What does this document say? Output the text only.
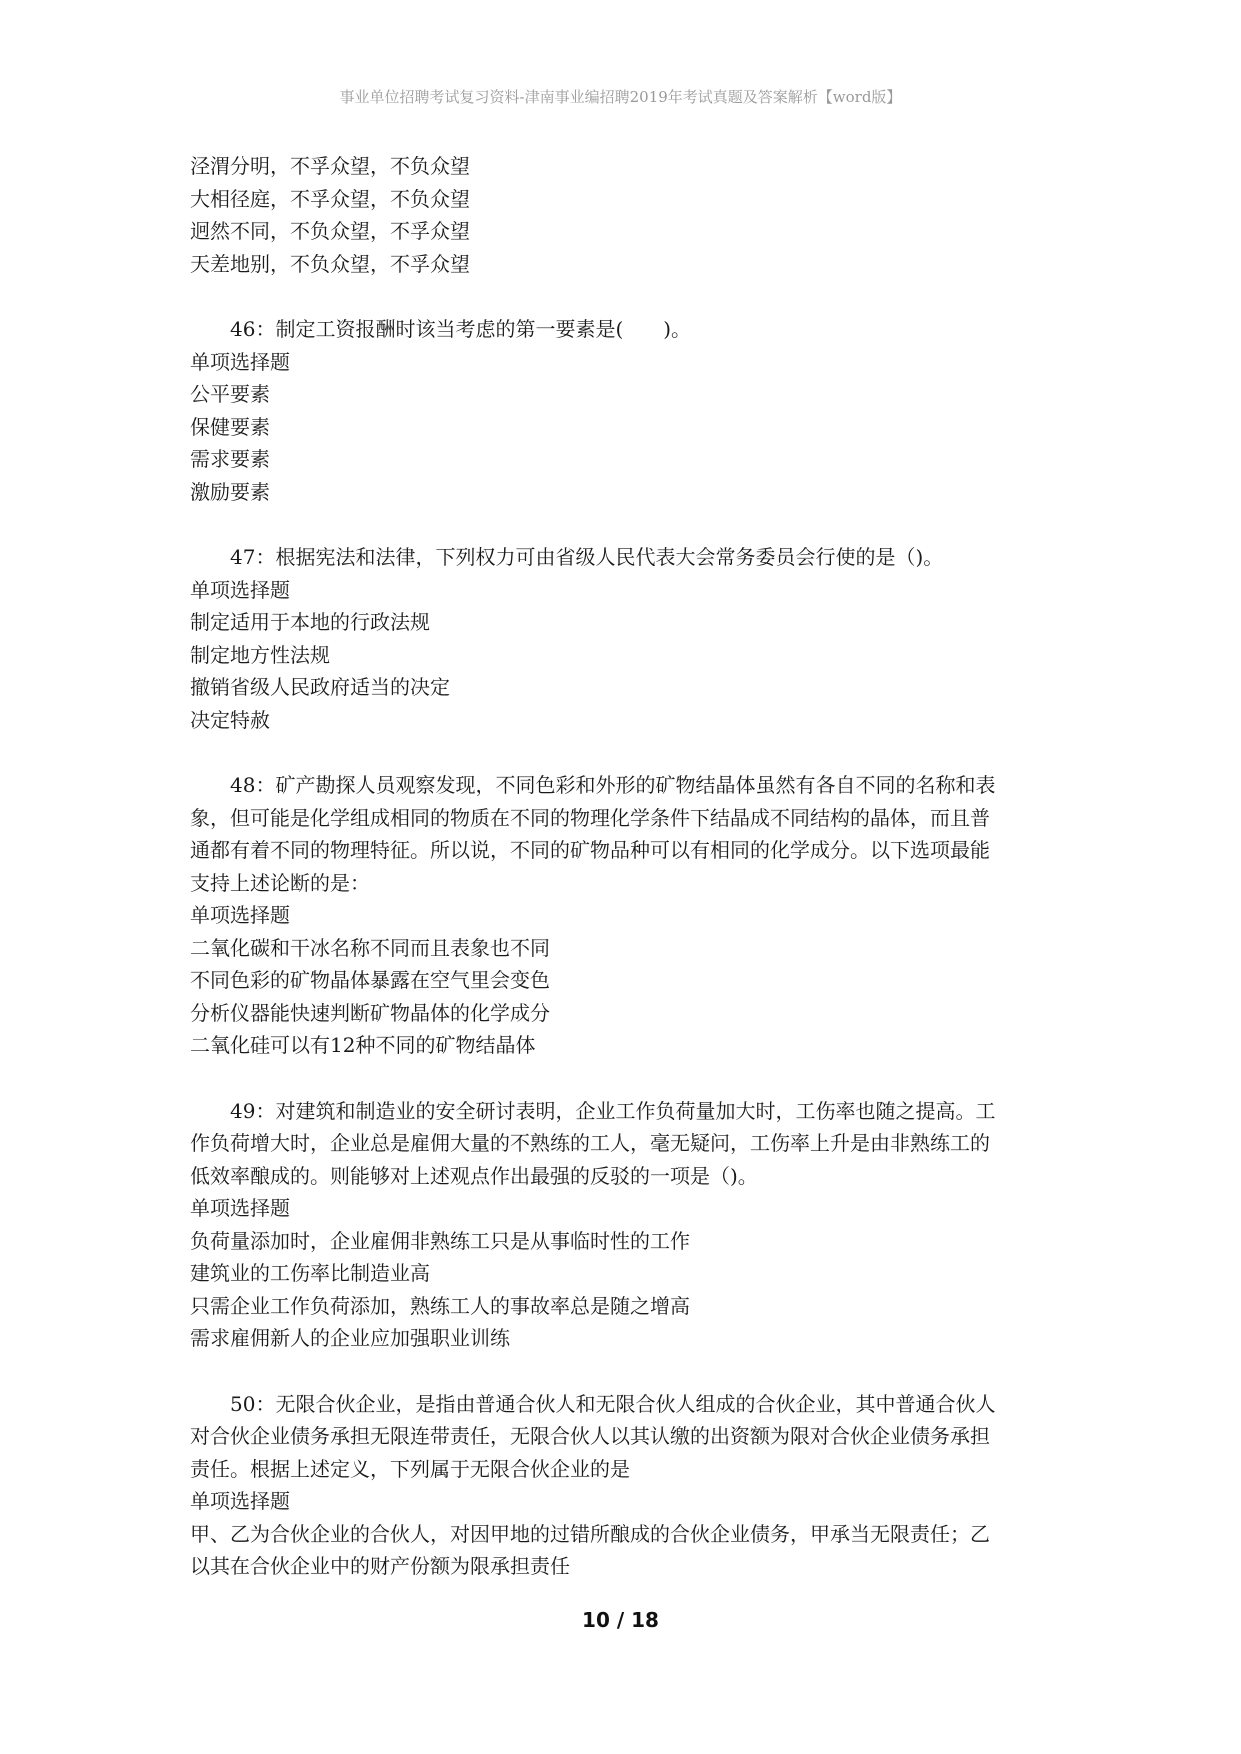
事业单位招聘考试复习资料-津南事业编招聘2019年考试真题及答案解析【word版】
泾渭分明，不孚众望，不负众望
大相径庭，不孚众望，不负众望
迥然不同，不负众望，不孚众望
天差地别，不负众望，不孚众望
46：制定工资报酬时该当考虑的第一要素是(　　)。
单项选择题
公平要素
保健要素
需求要素
激励要素
47：根据宪法和法律，下列权力可由省级人民代表大会常务委员会行使的是（)。
单项选择题
制定适用于本地的行政法规
制定地方性法规
撤销省级人民政府适当的决定
决定特赦
48：矿产勘探人员观察发现，不同色彩和外形的矿物结晶体虽然有各自不同的名称和表
象，但可能是化学组成相同的物质在不同的物理化学条件下结晶成不同结构的晶体，而且普
通都有着不同的物理特征。所以说，不同的矿物品种可以有相同的化学成分。以下选项最能
支持上述论断的是：
单项选择题
二氧化碳和干冰名称不同而且表象也不同
不同色彩的矿物晶体暴露在空气里会变色
分析仪器能快速判断矿物晶体的化学成分
二氧化硅可以有12种不同的矿物结晶体
49：对建筑和制造业的安全研讨表明，企业工作负荷量加大时，工伤率也随之提高。工
作负荷增大时，企业总是雇佣大量的不熟练的工人，毫无疑问，工伤率上升是由非熟练工的
低效率酿成的。则能够对上述观点作出最强的反驳的一项是（)。
单项选择题
负荷量添加时，企业雇佣非熟练工只是从事临时性的工作
建筑业的工伤率比制造业高
只需企业工作负荷添加，熟练工人的事故率总是随之增高
需求雇佣新人的企业应加强职业训练
50：无限合伙企业，是指由普通合伙人和无限合伙人组成的合伙企业，其中普通合伙人
对合伙企业债务承担无限连带责任，无限合伙人以其认缴的出资额为限对合伙企业债务承担
责任。根据上述定义，下列属于无限合伙企业的是
单项选择题
甲、乙为合伙企业的合伙人，对因甲地的过错所酿成的合伙企业债务，甲承当无限责任；乙
以其在合伙企业中的财产份额为限承担责任
10 / 18
